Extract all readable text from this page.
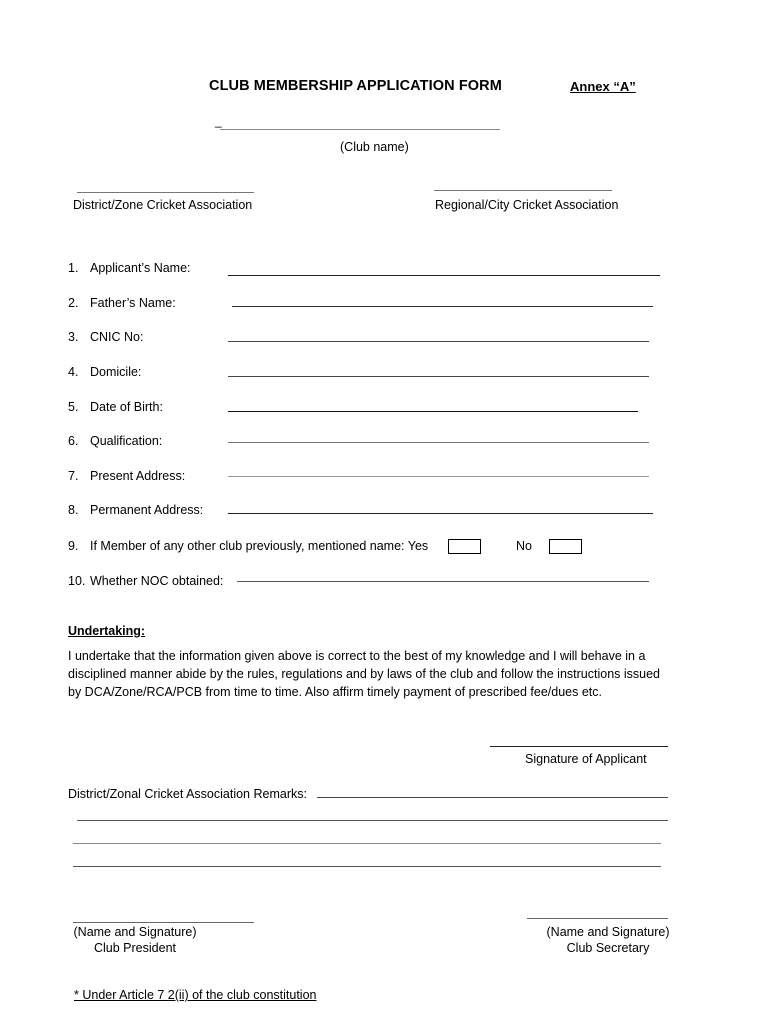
CLUB MEMBERSHIP APPLICATION FORM	Annex “A”
_
(Club name)
District/Zone Cricket Association	Regional/City Cricket Association
1. Applicant’s Name:
2. Father’s Name:
3. CNIC No:
4. Domicile:
5. Date of Birth:
6. Qualification:
7. Present Address:
8. Permanent Address:
9. If Member of any other club previously, mentioned name: Yes	No
10. Whether NOC obtained:
Undertaking:
I undertake that the information given above is correct to the best of my knowledge and I will behave in a
disciplined manner abide by the rules, regulations and by laws of the club and follow the instructions issued
by DCA/Zone/RCA/PCB from time to time. Also affirm timely payment of prescribed fee/dues etc.
Signature of Applicant
District/Zonal Cricket Association Remarks:
(Name and Signature)
Club President
(Name and Signature)
Club Secretary
* Under Article 7 2(ii) of the club constitution
